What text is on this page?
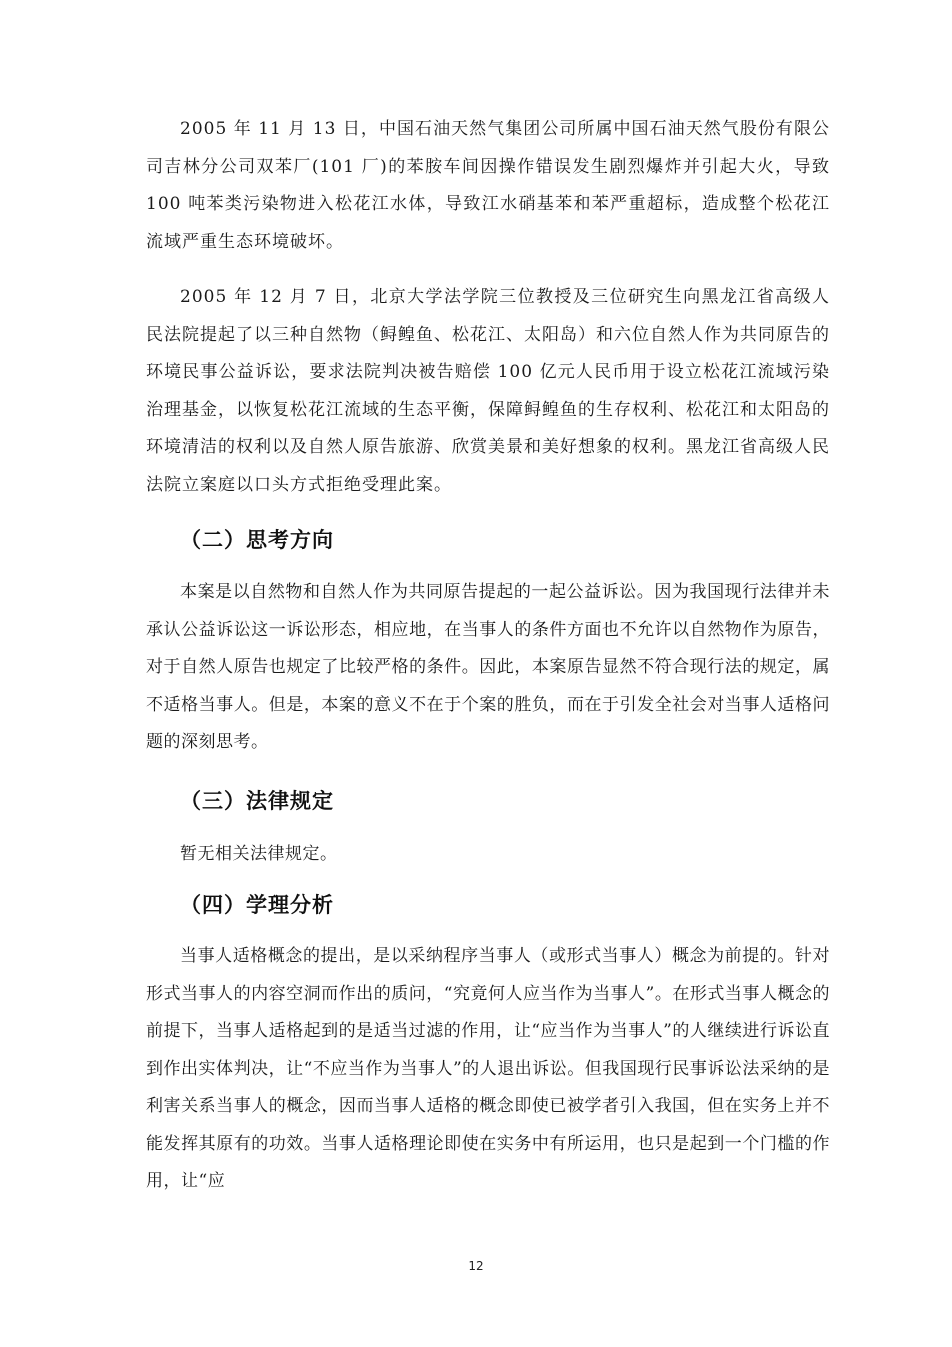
2005 年 11 月 13 日，中国石油天然气集团公司所属中国石油天然气股份有限公司吉林分公司双苯厂(101 厂)的苯胺车间因操作错误发生剧烈爆炸并引起大火，导致 100 吨苯类污染物进入松花江水体，导致江水硝基苯和苯严重超标，造成整个松花江流域严重生态环境破坏。

2005 年 12 月 7 日，北京大学法学院三位教授及三位研究生向黑龙江省高级人民法院提起了以三种自然物（鲟鳇鱼、松花江、太阳岛）和六位自然人作为共同原告的环境民事公益诉讼，要求法院判决被告赔偿 100 亿元人民币用于设立松花江流域污染治理基金，以恢复松花江流域的生态平衡，保障鲟鳇鱼的生存权利、松花江和太阳岛的环境清洁的权利以及自然人原告旅游、欣赏美景和美好想象的权利。黑龙江省高级人民法院立案庭以口头方式拒绝受理此案。

（二）思考方向

本案是以自然物和自然人作为共同原告提起的一起公益诉讼。因为我国现行法律并未承认公益诉讼这一诉讼形态，相应地，在当事人的条件方面也不允许以自然物作为原告，对于自然人原告也规定了比较严格的条件。因此，本案原告显然不符合现行法的规定，属不适格当事人。但是，本案的意义不在于个案的胜负，而在于引发全社会对当事人适格问题的深刻思考。

（三）法律规定

暂无相关法律规定。

（四）学理分析

当事人适格概念的提出，是以采纳程序当事人（或形式当事人）概念为前提的。针对形式当事人的内容空洞而作出的质问，“究竟何人应当作为当事人”。在形式当事人概念的前提下，当事人适格起到的是适当过滤的作用，让“应当作为当事人”的人继续进行诉讼直到作出实体判决，让“不应当作为当事人”的人退出诉讼。但我国现行民事诉讼法采纳的是利害关系当事人的概念，因而当事人适格的概念即使已被学者引入我国，但在实务上并不能发挥其原有的功效。当事人适格理论即使在实务中有所运用，也只是起到一个门槛的作用，让“应

12
